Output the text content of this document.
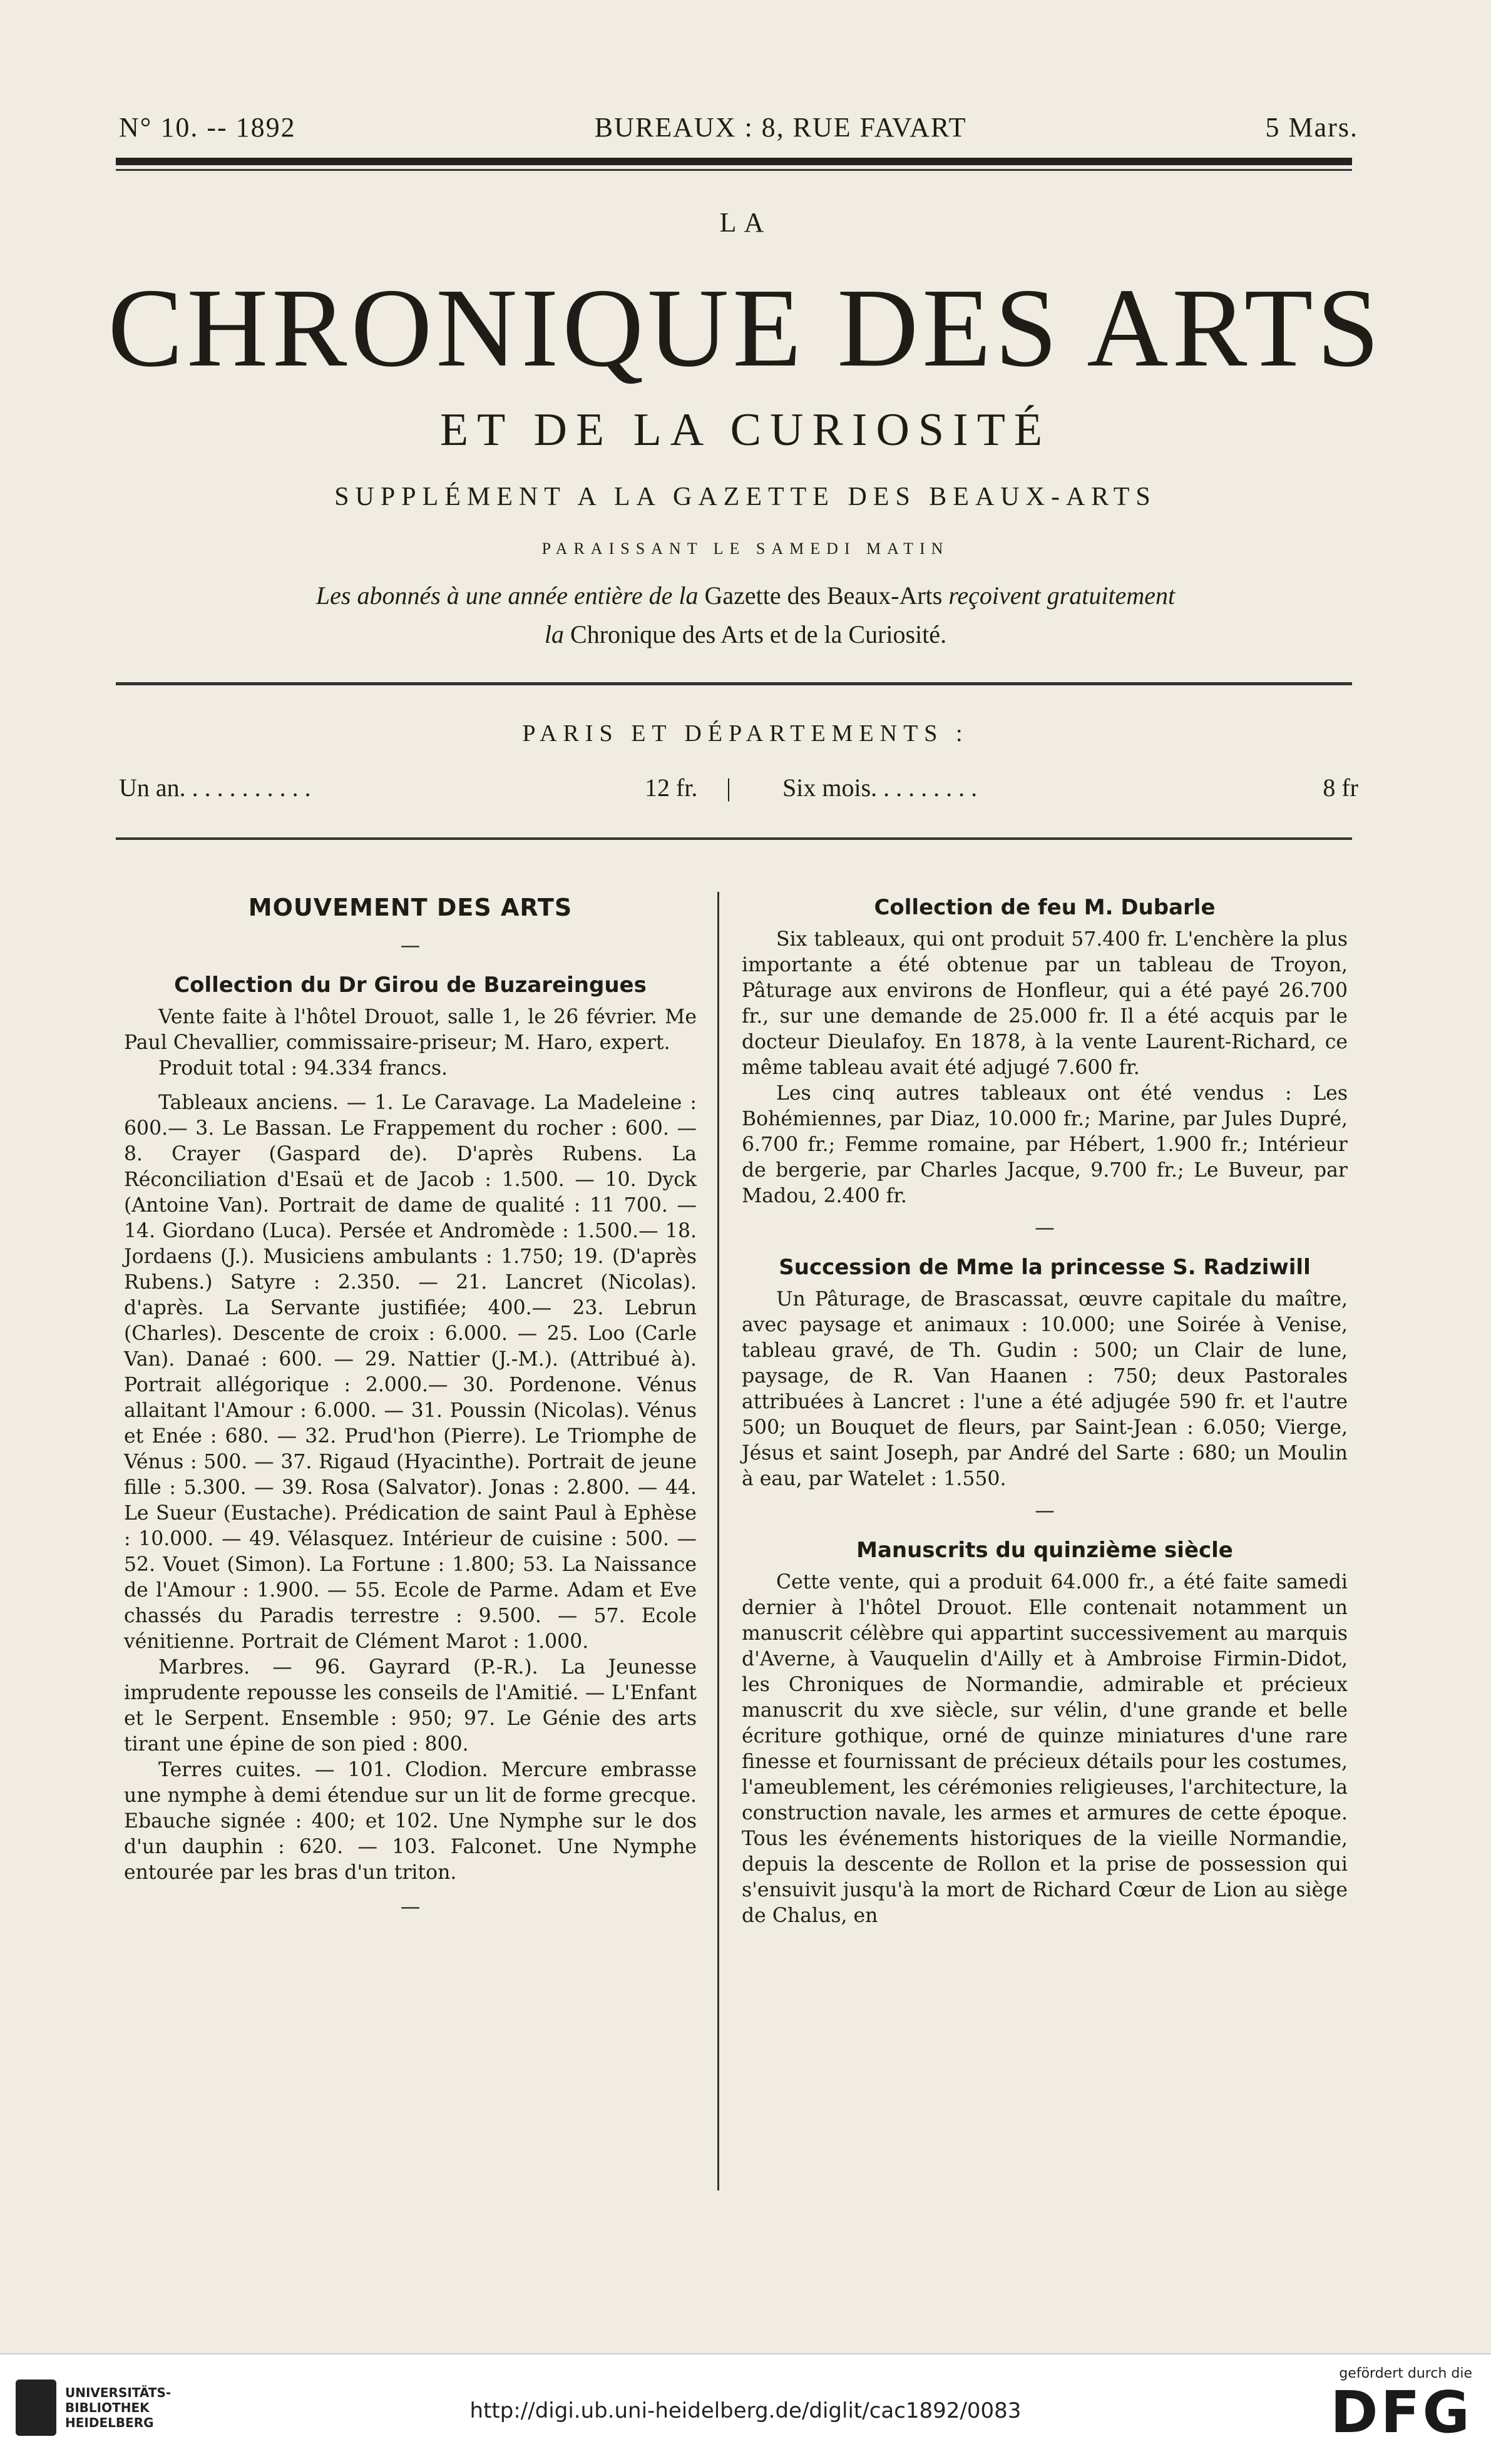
N° 10. -- 1892	BUREAUX : 8, RUE FAVART	5 Mars.
LA
CHRONIQUE DES ARTS
ET DE LA CURIOSITÉ
SUPPLÉMENT A LA GAZETTE DES BEAUX-ARTS
PARAISSANT LE SAMEDI MATIN
Les abonnés à une année entière de la Gazette des Beaux-Arts reçoivent gratuitement
la Chronique des Arts et de la Curiosité.
PARIS ET DÉPARTEMENTS :
Un an. . . . . . . . . . .	12 fr. | Six mois. . . . . . . . .	8 fr
MOUVEMENT DES ARTS
—
Collection du Dr Girou de Buzareingues

Vente faite à l'hôtel Drouot, salle 1, le 26 février. Me Paul Chevallier, commissaire-priseur; M. Haro, expert.

Produit total : 94.334 francs.

Tableaux anciens. — 1. Le Caravage. La Madeleine : 600.— 3. Le Bassan. Le Frappement du rocher : 600. — 8. Crayer (Gaspard de). D'après Rubens. La Réconciliation d'Esaü et de Jacob : 1.500. — 10. Dyck (Antoine Van). Portrait de dame de qualité : 11 700. — 14. Giordano (Luca). Persée et Andromède : 1.500.— 18. Jordaens (J.). Musiciens ambulants : 1.750; 19. (D'après Rubens.) Satyre : 2.350. — 21. Lancret (Nicolas). d'après. La Servante justifiée; 400.— 23. Lebrun (Charles). Descente de croix : 6.000. — 25. Loo (Carle Van). Danaé : 600. — 29. Nattier (J.-M.). (Attribué à). Portrait allégorique : 2.000.— 30. Pordenone. Vénus allaitant l'Amour : 6.000. — 31. Poussin (Nicolas). Vénus et Enée : 680. — 32. Prud'hon (Pierre). Le Triomphe de Vénus : 500. — 37. Rigaud (Hyacinthe). Portrait de jeune fille : 5.300. — 39. Rosa (Salvator). Jonas : 2.800. — 44. Le Sueur (Eustache). Prédication de saint Paul à Ephèse : 10.000. — 49. Vélasquez. Intérieur de cuisine : 500. — 52. Vouet (Simon). La Fortune : 1.800; 53. La Naissance de l'Amour : 1.900. — 55. Ecole de Parme. Adam et Eve chassés du Paradis terrestre : 9.500. — 57. Ecole vénitienne. Portrait de Clément Marot : 1.000.

Marbres. — 96. Gayrard (P.-R.). La Jeunesse imprudente repousse les conseils de l'Amitié. — L'Enfant et le Serpent. Ensemble : 950; 97. Le Génie des arts tirant une épine de son pied : 800.

Terres cuites. — 101. Clodion. Mercure embrasse une nymphe à demi étendue sur un lit de forme grecque. Ebauche signée : 400; et 102. Une Nymphe sur le dos d'un dauphin : 620. — 103. Falconet. Une Nymphe entourée par les bras d'un triton.

—
Collection de feu M. Dubarle

Six tableaux, qui ont produit 57.400 fr. L'enchère la plus importante a été obtenue par un tableau de Troyon, Pâturage aux environs de Honfleur, qui a été payé 26.700 fr., sur une demande de 25.000 fr. Il a été acquis par le docteur Dieulafoy. En 1878, à la vente Laurent-Richard, ce même tableau avait été adjugé 7.600 fr.

Les cinq autres tableaux ont été vendus : Les Bohémiennes, par Diaz, 10.000 fr.; Marine, par Jules Dupré, 6.700 fr.; Femme romaine, par Hébert, 1.900 fr.; Intérieur de bergerie, par Charles Jacque, 9.700 fr.; Le Buveur, par Madou, 2.400 fr.

—
Succession de Mme la princesse S. Radziwill

Un Pâturage, de Brascassat, œuvre capitale du maître, avec paysage et animaux : 10.000; une Soirée à Venise, tableau gravé, de Th. Gudin : 500; un Clair de lune, paysage, de R. Van Haanen : 750; deux Pastorales attribuées à Lancret : l'une a été adjugée 590 fr. et l'autre 500; un Bouquet de fleurs, par Saint-Jean : 6.050; Vierge, Jésus et saint Joseph, par André del Sarte : 680; un Moulin à eau, par Watelet : 1.550.

—
Manuscrits du quinzième siècle

Cette vente, qui a produit 64.000 fr., a été faite samedi dernier à l'hôtel Drouot. Elle contenait notamment un manuscrit célèbre qui appartint successivement au marquis d'Averne, à Vauquelin d'Ailly et à Ambroise Firmin-Didot, les Chroniques de Normandie, admirable et précieux manuscrit du xve siècle, sur vélin, d'une grande et belle écriture gothique, orné de quinze miniatures d'une rare finesse et fournissant de précieux détails pour les costumes, l'ameublement, les cérémonies religieuses, l'architecture, la construction navale, les armes et armures de cette époque. Tous les événements historiques de la vieille Normandie, depuis la descente de Rollon et la prise de possession qui s'ensuivit jusqu'à la mort de Richard Cœur de Lion au siège de Chalus, en

UNIVERSITÄTS-
BIBLIOTHEK
HEIDELBERG	http://digi.ub.uni-heidelberg.de/diglit/cac1892/0083
gefördert durch die
DFG
